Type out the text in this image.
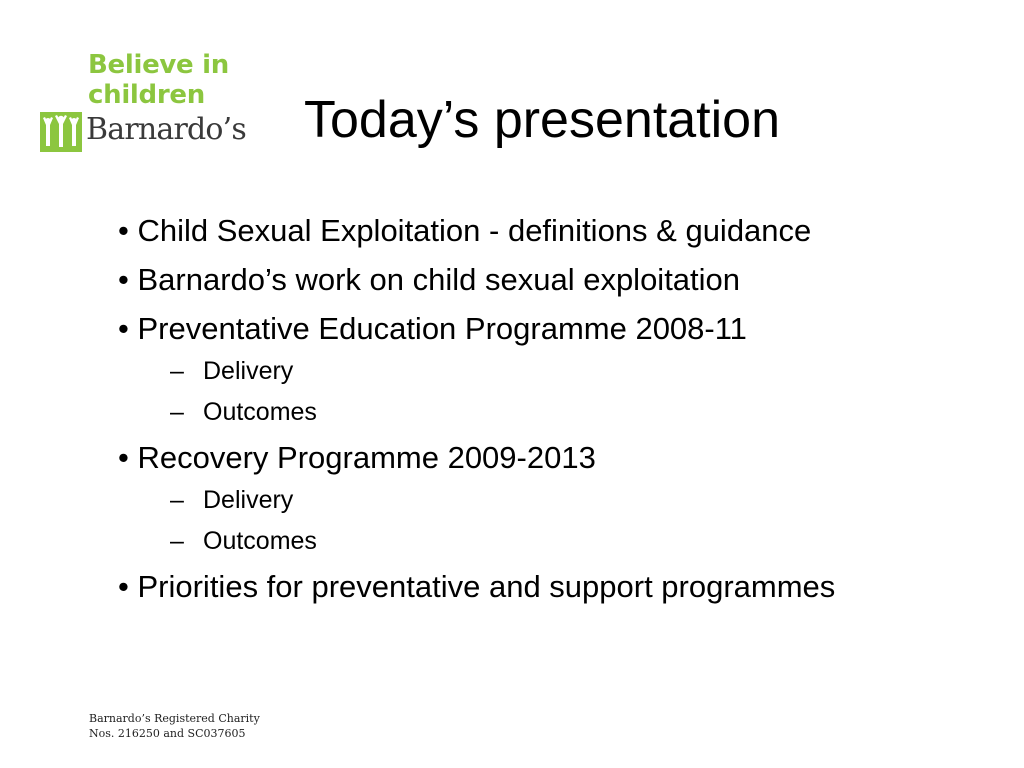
Believe in
children
Barnardo’s Today’s presentation
• Child Sexual Exploitation - definitions & guidance
• Barnardo’s work on child sexual exploitation
• Preventative Education Programme 2008-11
– Delivery
– Outcomes
• Recovery Programme 2009-2013
– Delivery
– Outcomes
• Priorities for preventative and support programmes
Barnardo’s Registered Charity
Nos. 216250 and SC037605
